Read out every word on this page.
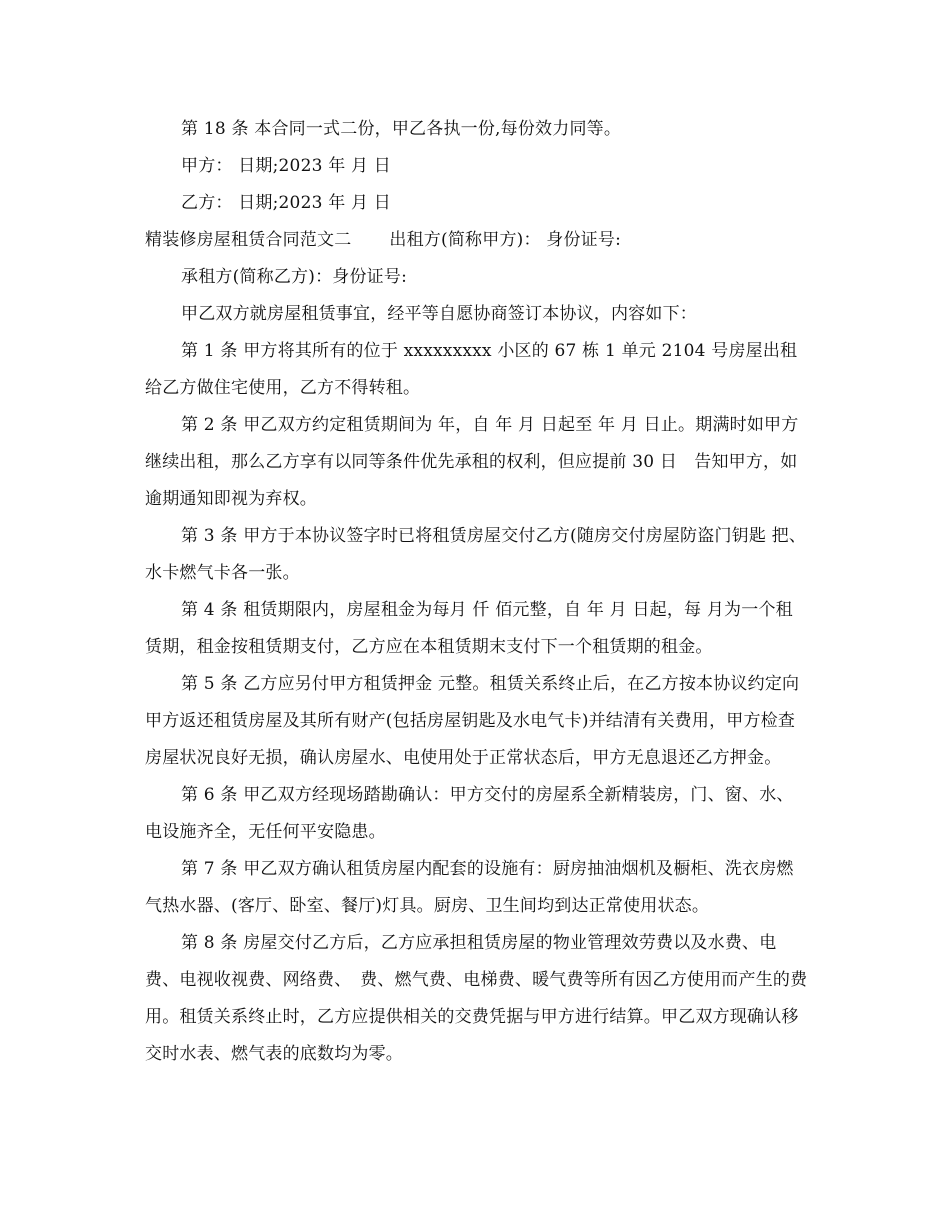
第 18 条 本合同一式二份，甲乙各执一份,每份效力同等。

甲方： 日期;2023 年 月 日

乙方： 日期;2023 年 月 日

精装修房屋租赁合同范文二 出租方(简称甲方)： 身份证号:

承租方(简称乙方)：身份证号:

甲乙双方就房屋租赁事宜，经平等自愿协商签订本协议，内容如下：

第 1 条 甲方将其所有的位于 xxxxxxxxx 小区的 67 栋 1 单元 2104 号房屋出租给乙方做住宅使用，乙方不得转租。

第 2 条 甲乙双方约定租赁期间为 年，自 年 月 日起至 年 月 日止。期满时如甲方继续出租，那么乙方享有以同等条件优先承租的权利，但应提前 30 日　告知甲方，如逾期通知即视为弃权。

第 3 条 甲方于本协议签字时已将租赁房屋交付乙方(随房交付房屋防盗门钥匙 把、水卡燃气卡各一张。

第 4 条 租赁期限内，房屋租金为每月 仟 佰元整，自 年 月 日起，每 月为一个租赁期，租金按租赁期支付，乙方应在本租赁期末支付下一个租赁期的租金。

第 5 条 乙方应另付甲方租赁押金 元整。租赁关系终止后，在乙方按本协议约定向甲方返还租赁房屋及其所有财产(包括房屋钥匙及水电气卡)并结清有关费用，甲方检查房屋状况良好无损，确认房屋水、电使用处于正常状态后，甲方无息退还乙方押金。

第 6 条 甲乙双方经现场踏勘确认：甲方交付的房屋系全新精装房，门、窗、水、电设施齐全，无任何平安隐患。

第 7 条 甲乙双方确认租赁房屋内配套的设施有：厨房抽油烟机及橱柜、洗衣房燃气热水器、(客厅、卧室、餐厅)灯具。厨房、卫生间均到达正常使用状态。

第 8 条 房屋交付乙方后，乙方应承担租赁房屋的物业管理效劳费以及水费、电费、电视收视费、网络费、　费、燃气费、电梯费、暖气费等所有因乙方使用而产生的费用。租赁关系终止时，乙方应提供相关的交费凭据与甲方进行结算。甲乙双方现确认移交时水表、燃气表的底数均为零。
